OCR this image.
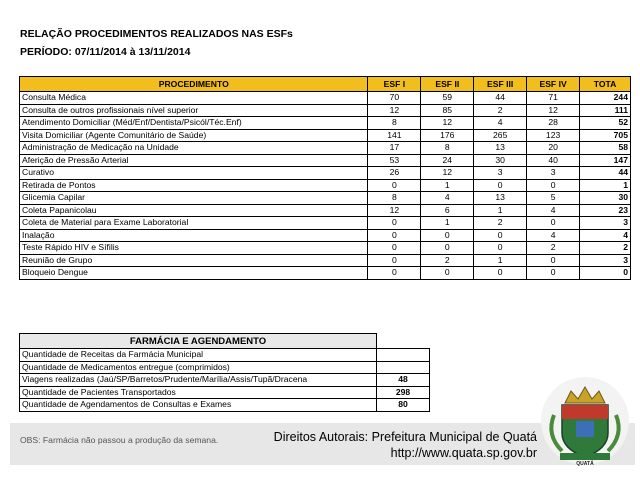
RELAÇÃO PROCEDIMENTOS REALIZADOS NAS ESFs
PERÍODO: 07/11/2014 à 13/11/2014
PROCEDIMENTO	ESF I	ESF II	ESF III	ESF IV	TOTA
Consulta Médica	70	59	44	71	244
Consulta de outros profissionais nível superior	12	85	2	12	111
Atendimento Domiciliar (Méd/Enf/Dentista/Psicól/Téc.Enf)	8	12	4	28	52
Visita Domiciliar (Agente Comunitário de Saúde)	141	176	265	123	705
Administração de Medicação na Unidade	17	8	13	20	58
Aferição de Pressão Arterial	53	24	30	40	147
Curativo	26	12	3	3	44
Retirada de Pontos	0	1	0	0	1
Glicemia Capilar	8	4	13	5	30
Coleta Papanicolau	12	6	1	4	23
Coleta de Material para Exame Laboratorial	0	1	2	0	3
Inalação	0	0	0	4	4
Teste Rápido HIV e Sífilis	0	0	0	2	2
Reunião de Grupo	0	2	1	0	3
Bloqueio Dengue	0	0	0	0	0
FARMÁCIA E AGENDAMENTO	
Quantidade de Receitas da Farmácia Municipal	
Quantidade de Medicamentos entregue (comprimidos)	
Viagens realizadas (Jaú/SP/Barretos/Prudente/Marília/Assis/Tupã/Dracena	48
Quantidade de Pacientes Transportados	298
Quantidade de Agendamentos de Consultas e Exames	80
OBS: Farmácia não passou a produção da semana.	Direitos Autorais: Prefeitura Municipal de Quatá
http://www.quata.sp.gov.br
QUATÁ
